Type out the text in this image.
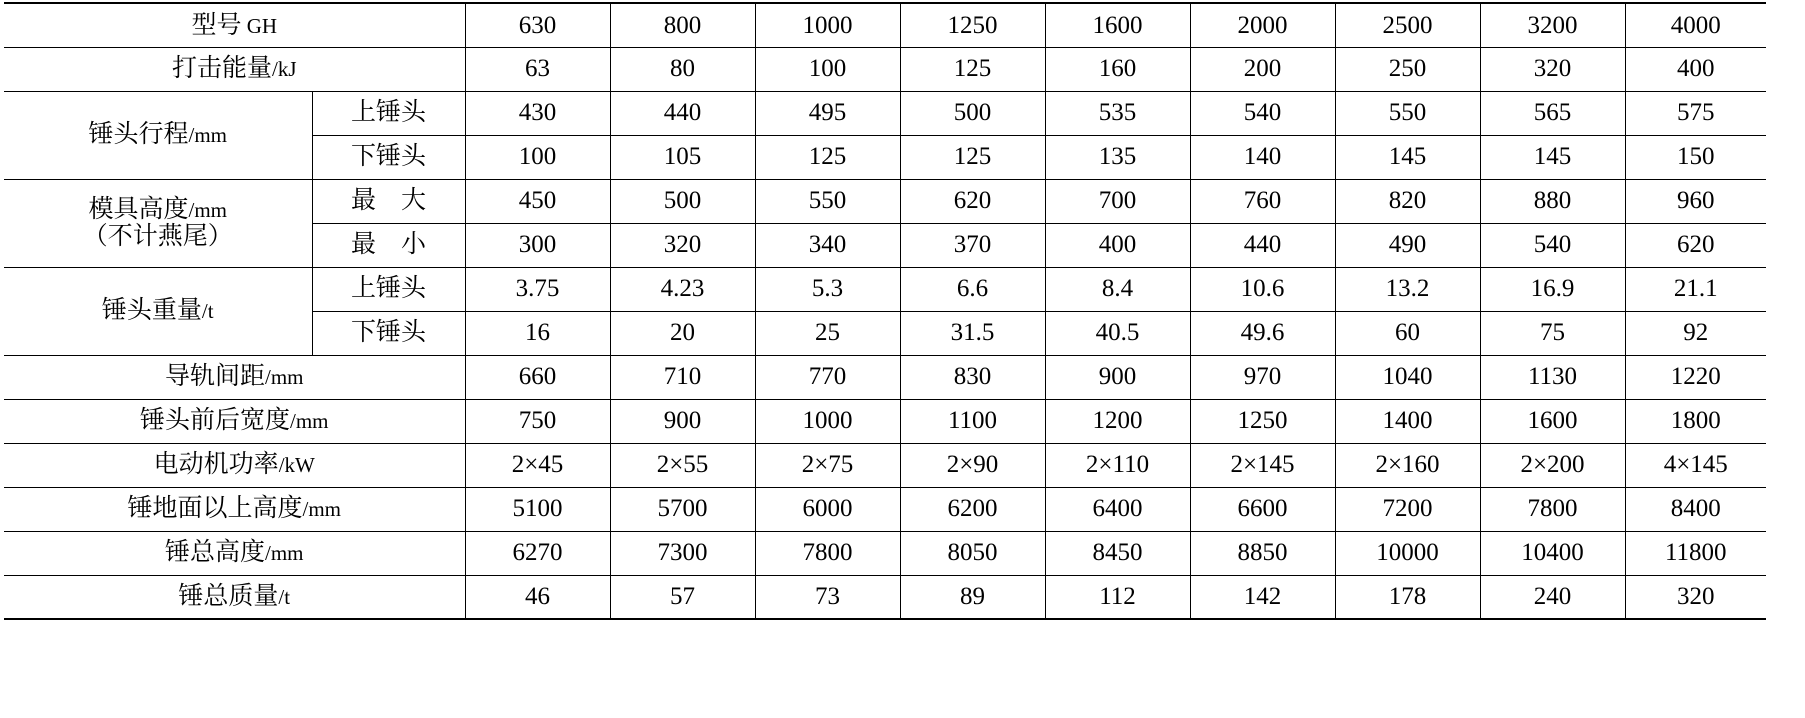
型号 GH		630	800	1000	1250	1600	2000	2500	3200	4000
打击能量/kJ		63	80	100	125	160	200	250	320	400
锤头行程/mm	上锤头	430	440	495	500	535	540	550	565	575
	下锤头	100	105	125	125	135	140	145	145	150

模具高度/mm
（不计燕尾）	最　大	450	500	550	620	700	760	820	880	960
	最　小	300	320	340	370	400	440	490	540	620
锤头重量/t	上锤头	3.75	4.23	5.3	6.6	8.4	10.6	13.2	16.9	21.1
	下锤头	16	20	25	31.5	40.5	49.6	60	75	92
导轨间距/mm		660	710	770	830	900	970	1040	1130	1220
锤头前后宽度/mm		750	900	1000	1100	1200	1250	1400	1600	1800
电动机功率/kW		2×45	2×55	2×75	2×90	2×110	2×145	2×160	2×200	4×145
锤地面以上高度/mm		5100	5700	6000	6200	6400	6600	7200	7800	8400
锤总高度/mm		6270	7300	7800	8050	8450	8850	10000	10400	11800
锤总质量/t		46	57	73	89	112	142	178	240	320
